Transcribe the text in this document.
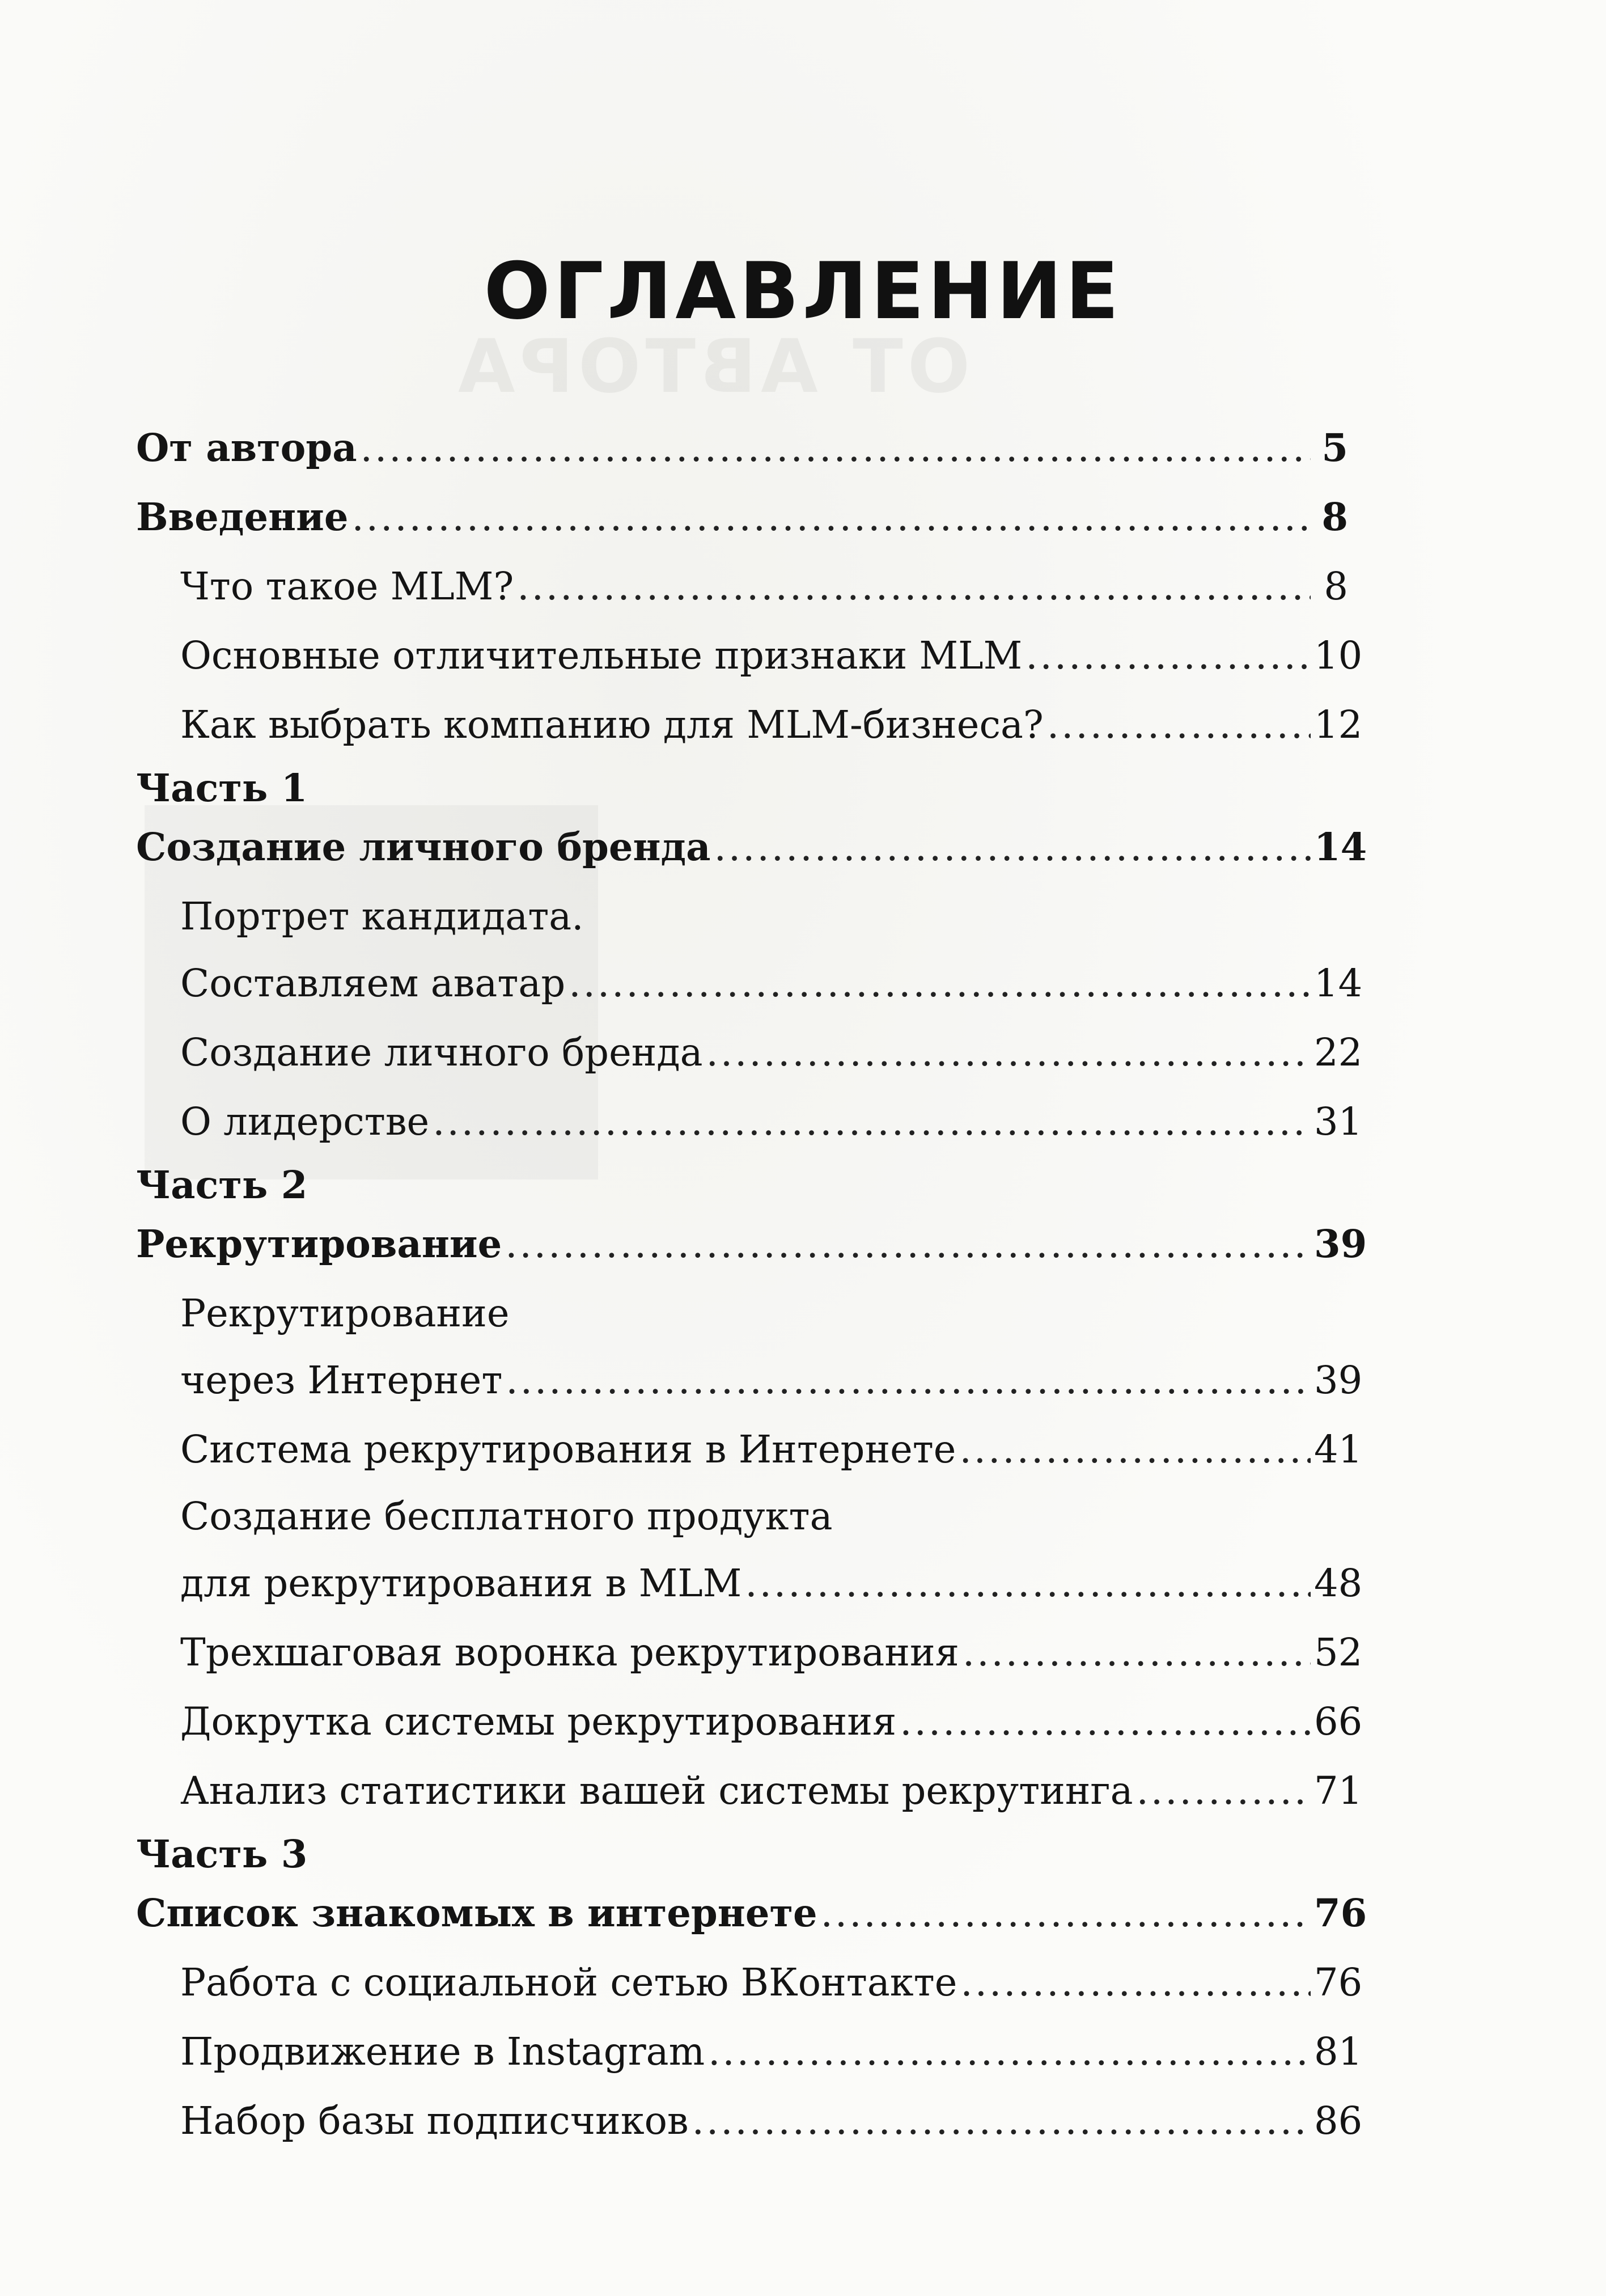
ОТ АВТОРА
ОГЛАВЛЕНИЕ
От автора .....	5
Введение .....	8
Что такое MLM? .....	8
Основные отличительные признаки MLM .....	10
Как выбрать компанию для MLM-бизнеса? .....	12
Часть 1
Создание личного бренда .....	14
Портрет кандидата.
Составляем аватар .....	14
Создание личного бренда .....	22
О лидерстве .....	31
Часть 2
Рекрутирование .....	39
Рекрутирование
через Интернет .....	39
Система рекрутирования в Интернете .....	41
Создание бесплатного продукта
для рекрутирования в MLM .....	48
Трехшаговая воронка рекрутирования .....	52
Докрутка системы рекрутирования .....	66
Анализ статистики вашей системы рекрутинга .....	71
Часть 3
Список знакомых в интернете .....	76
Работа с социальной сетью ВКонтакте .....	76
Продвижение в Instagram .....	81
Набор базы подписчиков .....	86
